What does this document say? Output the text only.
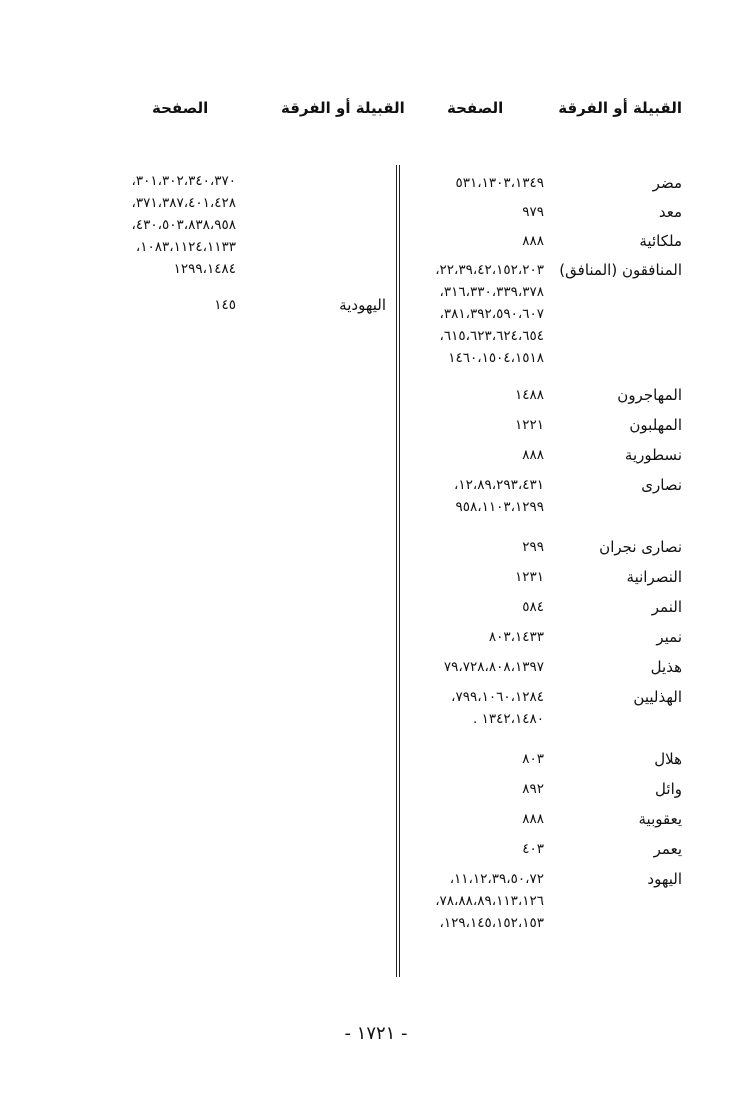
القبيلة أو الفرقة
الصفحة
القبيلة أو الفرقة
الصفحة
مضر
٥٣١،١٣٠٣،١٣٤٩
معد
٩٧٩
ملكائية
٨٨٨
المنافقون (المنافق)
٢٢،٣٩،٤٢،١٥٢،٢٠٣،
٣١٦،٣٣٠،٣٣٩،٣٧٨،
٣٨١،٣٩٢،٥٩٠،٦٠٧،
٦١٥،٦٢٣،٦٢٤،٦٥٤،
١٤٦٠،١٥٠٤،١٥١٨
المهاجرون
١٤٨٨
المهلبون
١٢٢١
نسطورية
٨٨٨
نصارى
١٢،٨٩،٢٩٣،٤٣١،
٩٥٨،١١٠٣،١٢٩٩
نصارى نجران
٢٩٩
النصرانية
١٢٣١
النمر
٥٨٤
نمير
٨٠٣،١٤٣٣
هذيل
٧٩،٧٢٨،٨٠٨،١٣٩٧
الهذليين
٧٩٩،١٠٦٠،١٢٨٤،
١٣٤٢،١٤٨٠ .
هلال
٨٠٣
وائل
٨٩٢
يعقوبية
٨٨٨
يعمر
٤٠٣
اليهود
١١،١٢،٣٩،٥٠،٧٢،
٧٨،٨٨،٨٩،١١٣،١٢٦،
١٢٩،١٤٥،١٥٢،١٥٣،
٣٠١،٣٠٢،٣٤٠،٣٧٠،
٣٧١،٣٨٧،٤٠١،٤٢٨،
٤٣٠،٥٠٣،٨٣٨،٩٥٨،
١٠٨٣،١١٢٤،١١٣٣،
١٢٩٩،١٤٨٤
اليهودية
١٤٥
- ١٧٢١ -
